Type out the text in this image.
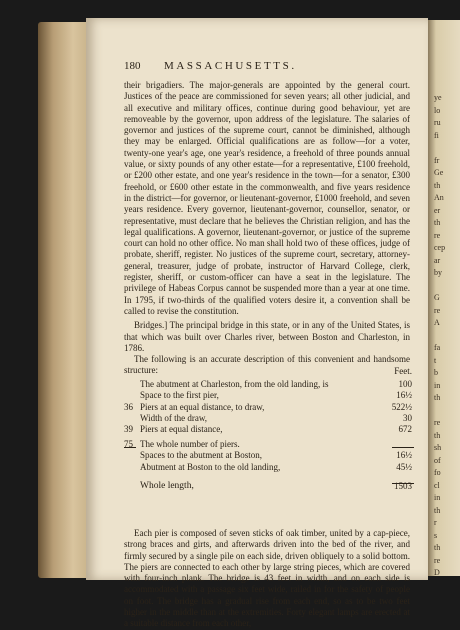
180 MASSACHUSETTS.

their brigadiers. The major-generals are appointed by the general court. Justices of the peace are commissioned for seven years; all other judicial, and all executive and military offices, continue during good behaviour, yet are removeable by the governor, upon address of the legislature. The salaries of governor and justices of the supreme court, cannot be diminished, although they may be enlarged. Official qualifications are as follow—for a voter, twenty-one year's age, one year's residence, a freehold of three pounds annual value, or sixty pounds of any other estate—for a representative, £100 freehold, or £200 other estate, and one year's residence in the town—for a senator, £300 freehold, or £600 other estate in the commonwealth, and five years residence in the district—for governor, or lieutenant-governor, £1000 freehold, and seven years residence. Every governor, lieutenant-governor, counsellor, senator, or representative, must declare that he believes the Christian religion, and has the legal qualifications. A governor, lieutenant-governor, or justice of the supreme court can hold no other office. No man shall hold two of these offices, judge of probate, sheriff, register. No justices of the supreme court, secretary, attorney-general, treasurer, judge of probate, instructor of Harvard College, clerk, register, sheriff, or custom-officer can have a seat in the legislature. The privilege of Habeas Corpus cannot be suspended more than a year at one time. In 1795, if two-thirds of the qualified voters desire it, a convention shall be called to revise the constitution.

Bridges.] The principal bridge in this state, or in any of the United States, is that which was built over Charles river, between Boston and Charleston, in 1786.

The following is an accurate description of this convenient and handsome structure:	Feet.
The abutment at Charleston, from the old landing, is	100
Space to the first pier,	16½
36 Piers at an equal distance, to draw,	522½
Width of the draw,	30
39 Piers at equal distance,	672
75 The whole number of piers.
Spaces to the abutment at Boston,	16½
Abutment at Boston to the old landing,	45½
Whole length,	1503

Each pier is composed of seven sticks of oak timber, united by a cap-piece, strong braces and girts, and afterwards driven into the bed of the river, and firmly secured by a single pile on each side, driven obliquely to a solid bottom. The piers are connected to each other by large string pieces, which are covered with four-inch plank. The bridge is 43 feet in width, and on each side is accommodated with a passage six feet wide, railed in for the safety of people on foot. The bridge has a gradual rise from each end, so as to be two feet higher in the middle than at the extremities. Forty elegant lamps are erected at a suitable distance from each other,

ye
lo
ru
fi

fr
Ge
th
An
er
th
re
cep
ar
by

G
re
A

fa
t
b
in
th

re
th
sh
of
fo
cl
in
th
r
s
th
re
D
